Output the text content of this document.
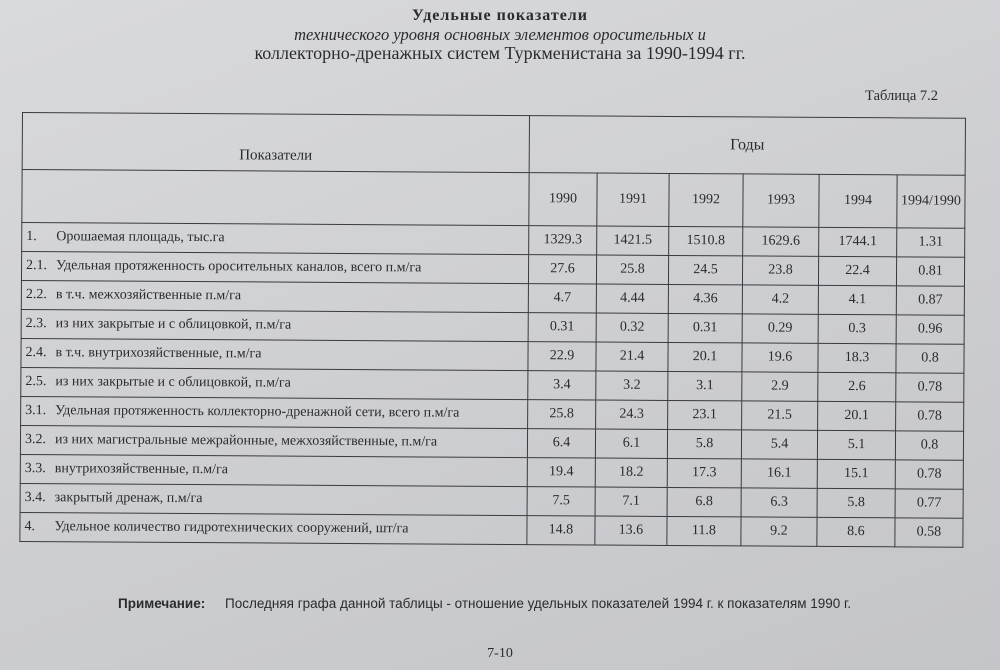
Удельные показатели
технического уровня основных элементов оросительных и
коллекторно-дренажных систем Туркменистана за 1990-1994 гг.
Таблица 7.2
Показатели	Годы					
	1990	1991	1992	1993	1994	1994/1990
1. Орошаемая площадь, тыс.га	1329.3	1421.5	1510.8	1629.6	1744.1	1.31
2.1. Удельная протяженность оросительных каналов, всего п.м/га	27.6	25.8	24.5	23.8	22.4	0.81
2.2. в т.ч. межхозяйственные п.м/га	4.7	4.44	4.36	4.2	4.1	0.87
2.3. из них закрытые и с облицовкой, п.м/га	0.31	0.32	0.31	0.29	0.3	0.96
2.4. в т.ч. внутрихозяйственные, п.м/га	22.9	21.4	20.1	19.6	18.3	0.8
2.5. из них закрытые и с облицовкой, п.м/га	3.4	3.2	3.1	2.9	2.6	0.78
3.1. Удельная протяженность коллекторно-дренажной сети, всего п.м/га	25.8	24.3	23.1	21.5	20.1	0.78
3.2. из них магистральные межрайонные, межхозяйственные, п.м/га	6.4	6.1	5.8	5.4	5.1	0.8
3.3. внутрихозяйственные, п.м/га	19.4	18.2	17.3	16.1	15.1	0.78
3.4. закрытый дренаж, п.м/га	7.5	7.1	6.8	6.3	5.8	0.77
4. Удельное количество гидротехнических сооружений, шт/га	14.8	13.6	11.8	9.2	8.6	0.58
Примечание: Последняя графа данной таблицы - отношение удельных показателей 1994 г. к показателям 1990 г.
7-10
